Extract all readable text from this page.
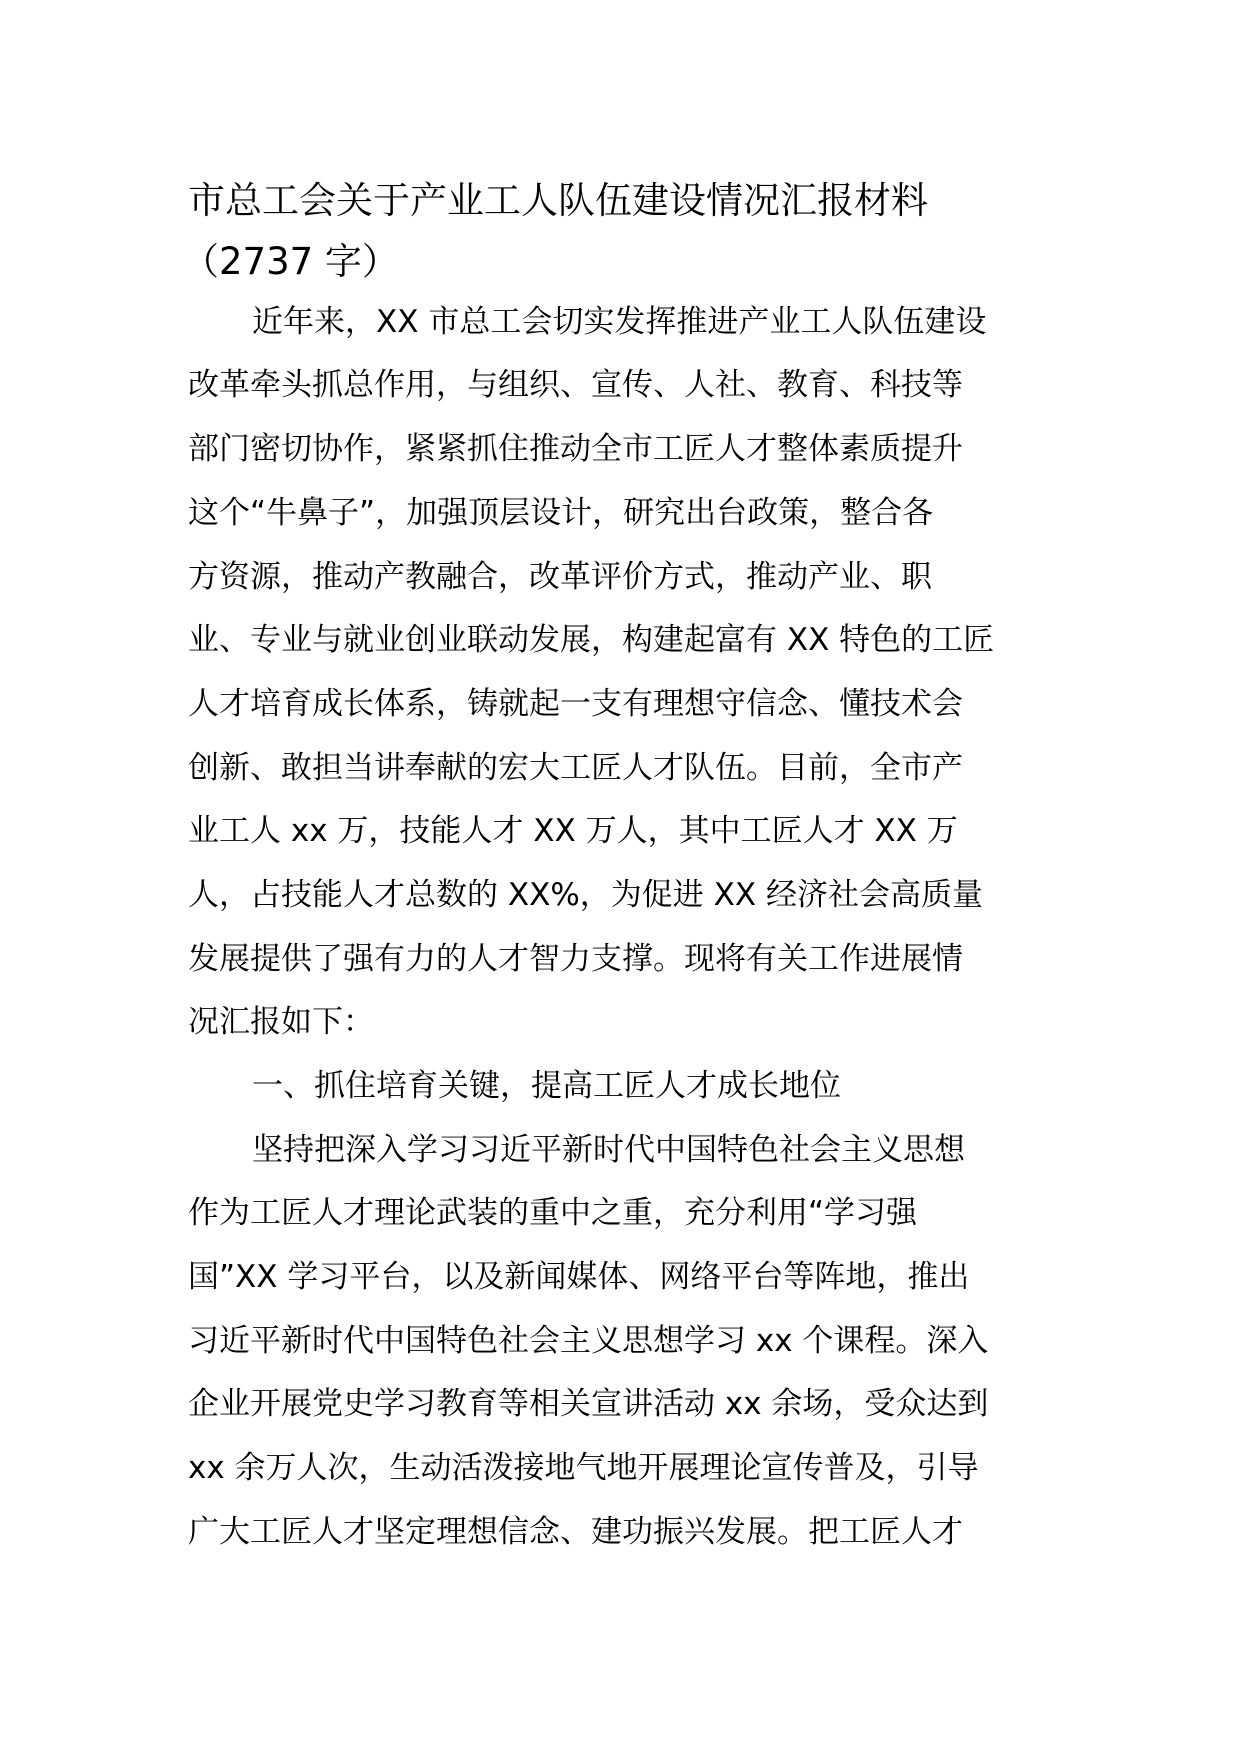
市总工会关于产业工人队伍建设情况汇报材料
（2737 字）
近年来，XX 市总工会切实发挥推进产业工人队伍建设
改革牵头抓总作用，与组织、宣传、人社、教育、科技等
部门密切协作，紧紧抓住推动全市工匠人才整体素质提升
这个“牛鼻子”，加强顶层设计，研究出台政策，整合各
方资源，推动产教融合，改革评价方式，推动产业、职
业、专业与就业创业联动发展，构建起富有 XX 特色的工匠
人才培育成长体系，铸就起一支有理想守信念、懂技术会
创新、敢担当讲奉献的宏大工匠人才队伍。目前，全市产
业工人 xx 万，技能人才 XX 万人，其中工匠人才 XX 万
人，占技能人才总数的 XX%，为促进 XX 经济社会高质量
发展提供了强有力的人才智力支撑。现将有关工作进展情
况汇报如下：
一、抓住培育关键，提高工匠人才成长地位
坚持把深入学习习近平新时代中国特色社会主义思想
作为工匠人才理论武装的重中之重，充分利用“学习强
国”XX 学习平台，以及新闻媒体、网络平台等阵地，推出
习近平新时代中国特色社会主义思想学习 xx 个课程。深入
企业开展党史学习教育等相关宣讲活动 xx 余场，受众达到
xx 余万人次，生动活泼接地气地开展理论宣传普及，引导
广大工匠人才坚定理想信念、建功振兴发展。把工匠人才
